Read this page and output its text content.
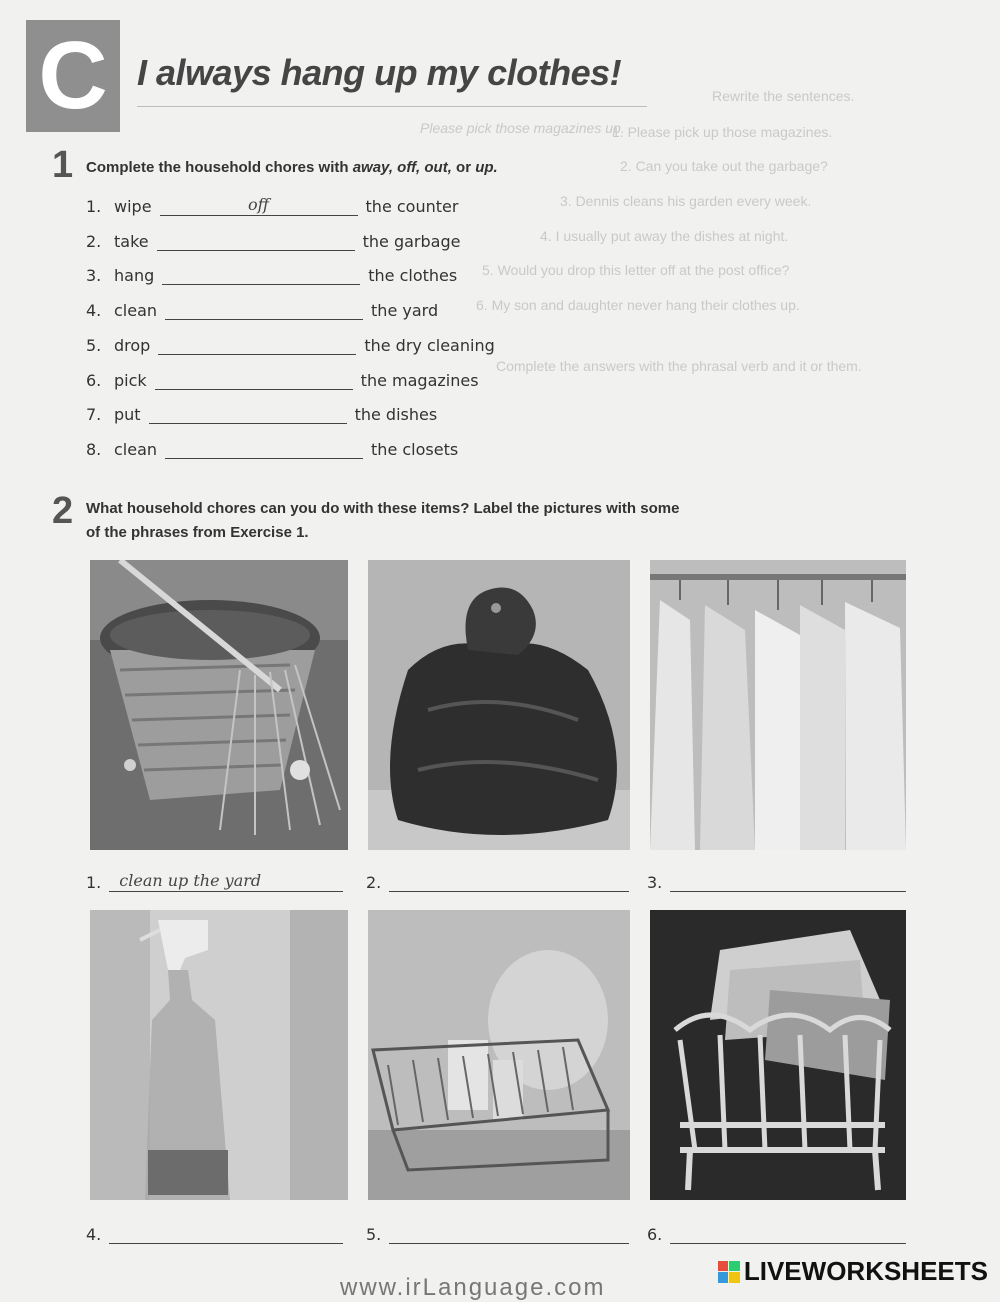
Rewrite the sentences.
Please pick those magazines up.
1. Please pick up those magazines.
2. Can you take out the garbage?
3. Dennis cleans his garden every week.
4. I usually put away the dishes at night.
5. Would you drop this letter off at the post office?
6. My son and daughter never hang their clothes up.
Complete the answers with the phrasal verb and it or them.
C I always hang up my clothes!
1 Complete the household chores with away, off, out, or up.
1. wipe	off	the counter
2. take	the garbage
3. hang	the clothes
4. clean	the yard
5. drop	the dry cleaning
6. pick	the magazines
7. put	the dishes
8. clean	the closets
2 What household chores can you do with these items? Label the pictures with some
of the phrases from Exercise 1.
1. clean up the yard	2.	3.
4.	5.	6.
www.irLanguage.com
LIVEWORKSHEETS
